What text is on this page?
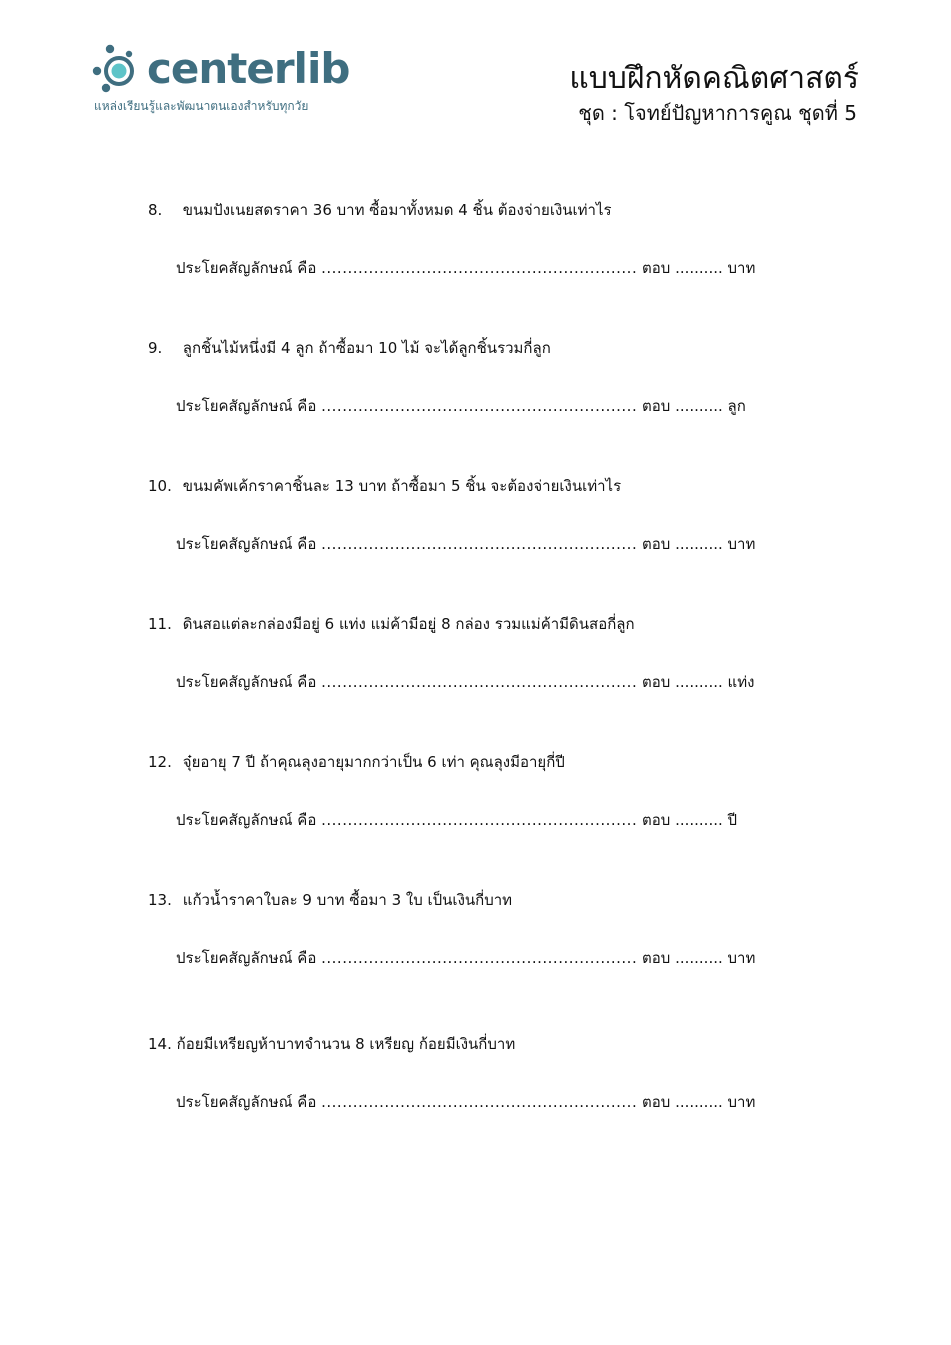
centerlib
แหล่งเรียนรู้และพัฒนาตนเองสำหรับทุกวัย
แบบฝึกหัดคณิตศาสตร์
ชุด : โจทย์ปัญหาการคูณ ชุดที่ 5
8. ขนมปังเนยสดราคา 36 บาท ซื้อมาทั้งหมด 4 ชิ้น ต้องจ่ายเงินเท่าไร
ประโยคสัญลักษณ์ คือ ............................................................ ตอบ .......... บาท
9. ลูกชิ้นไม้หนึ่งมี 4 ลูก ถ้าซื้อมา 10 ไม้ จะได้ลูกชิ้นรวมกี่ลูก
ประโยคสัญลักษณ์ คือ ............................................................ ตอบ .......... ลูก
10. ขนมคัพเค้กราคาชิ้นละ 13 บาท ถ้าซื้อมา 5 ชิ้น จะต้องจ่ายเงินเท่าไร
ประโยคสัญลักษณ์ คือ ............................................................ ตอบ .......... บาท
11. ดินสอแต่ละกล่องมีอยู่ 6 แท่ง แม่ค้ามีอยู่ 8 กล่อง รวมแม่ค้ามีดินสอกี่ลูก
ประโยคสัญลักษณ์ คือ ............................................................ ตอบ .......... แท่ง
12. จุ๋ยอายุ 7 ปี ถ้าคุณลุงอายุมากกว่าเป็น 6 เท่า คุณลุงมีอายุกี่ปี
ประโยคสัญลักษณ์ คือ ............................................................ ตอบ .......... ปี
13. แก้วน้ำราคาใบละ 9 บาท ซื้อมา 3 ใบ เป็นเงินกี่บาท
ประโยคสัญลักษณ์ คือ ............................................................ ตอบ .......... บาท
14. ก้อยมีเหรียญห้าบาทจำนวน 8 เหรียญ ก้อยมีเงินกี่บาท
ประโยคสัญลักษณ์ คือ ............................................................ ตอบ .......... บาท
